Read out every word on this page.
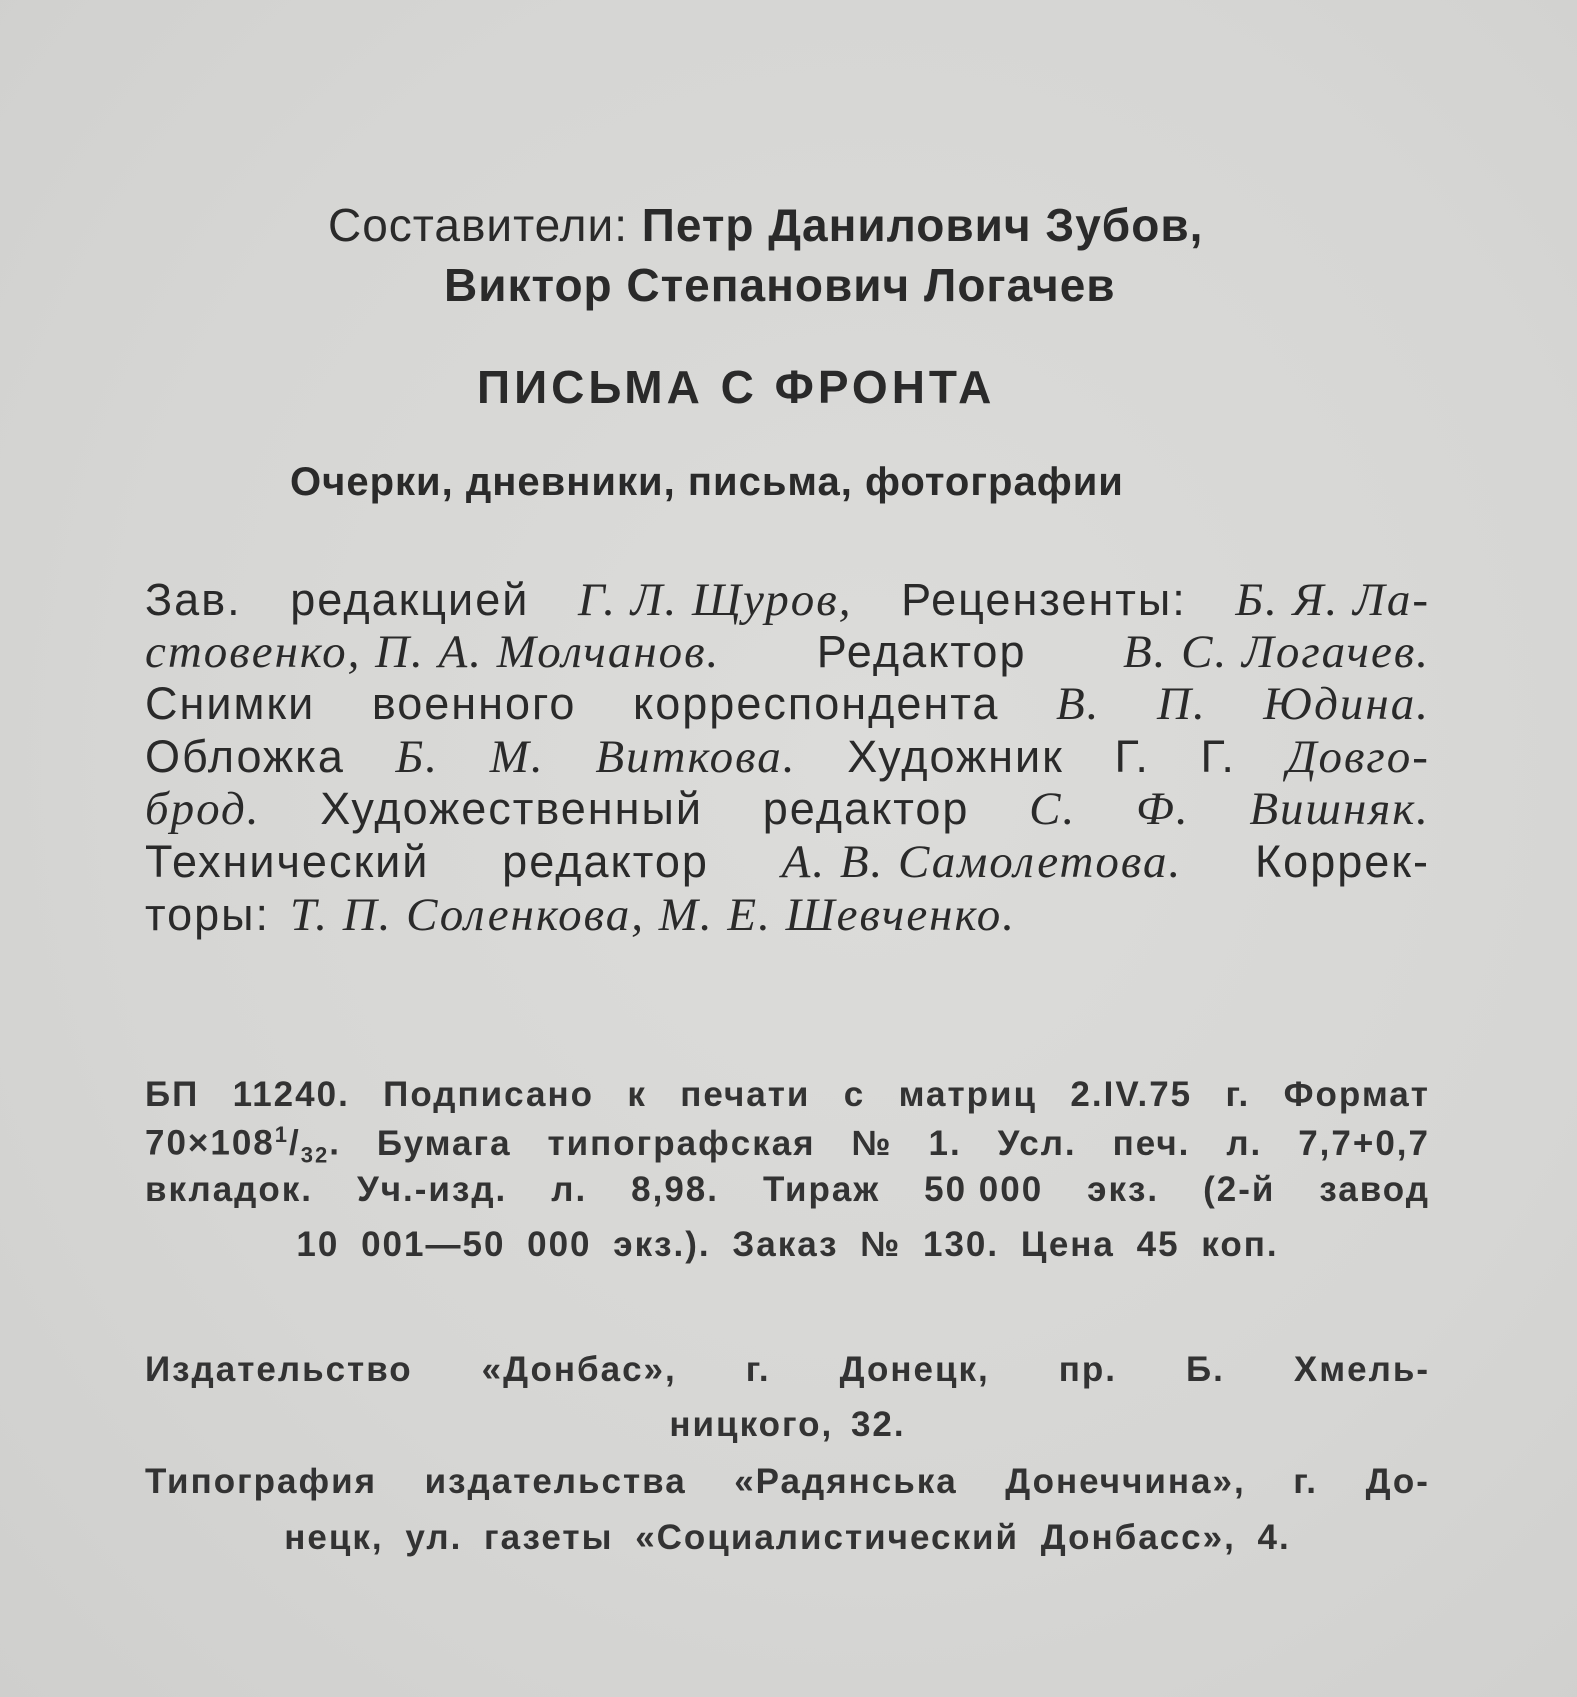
Составители: Петр Данилович Зубов,
Виктор Степанович Логачев
ПИСЬМА С ФРОНТА
Очерки, дневники, письма, фотографии
Зав. редакцией Г. Л. Щуров, Рецензенты: Б. Я. Ла-
стовенко, П. А. Молчанов. Редактор В. С. Логачев.
Снимки военного корреспондента В. П. Юдина.
Обложка Б. М. Виткова. Художник Г. Г. Довго-
брод. Художественный редактор С. Ф. Вишняк.
Технический редактор А. В. Самолетова. Коррек-
торы: Т. П. Соленкова, М. Е. Шевченко.
БП 11240. Подписано к печати с матриц 2.IV.75 г. Формат
$70\times 108^1/_{32}$. Бумага типографская № 1. Усл. печ. л. 7,7+0,7
вкладок. Уч.-изд. л. 8,98. Тираж 50 000 экз. (2-й завод
10 001—50 000 экз.). Заказ № 130. Цена 45 коп.
Издательство «Донбас», г. Донецк, пр. Б. Хмель-
ницкого, 32.
Типография издательства «Радянська Донеччина», г. До-
нецк, ул. газеты «Социалистический Донбасс», 4.
